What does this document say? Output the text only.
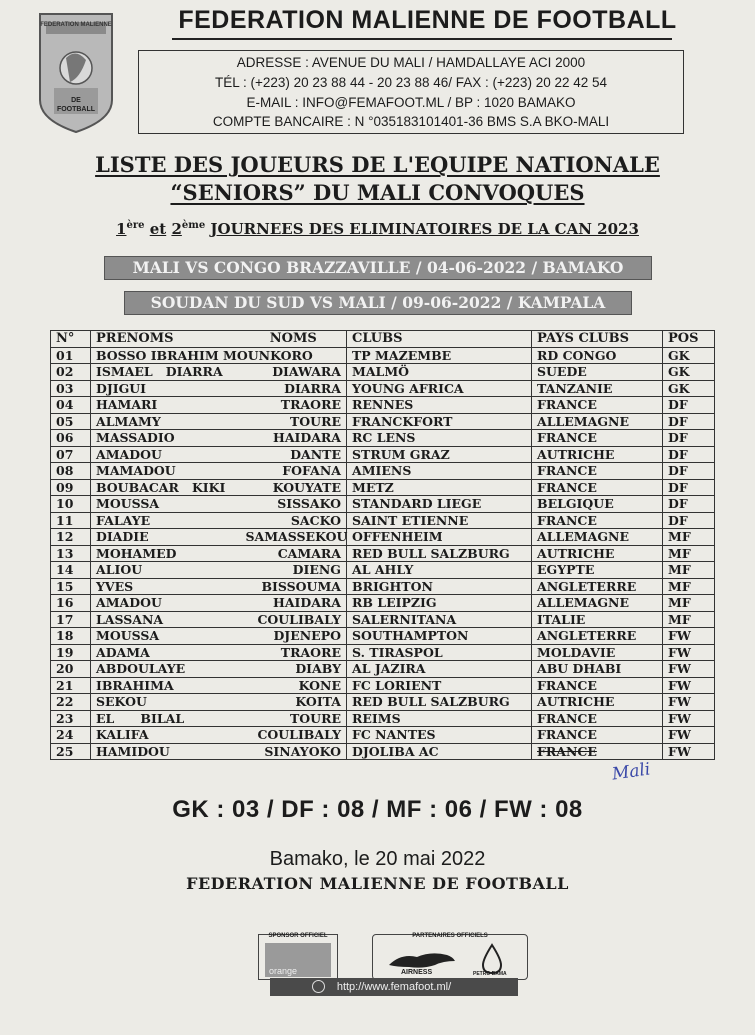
FEDERATION MALIENNE
DE FOOTBALL
FEDERATION MALIENNE DE FOOTBALL
ADRESSE : AVENUE DU MALI / HAMDALLAYE ACI 2000
TÉL : (+223) 20 23 88 44 - 20 23 88 46/ FAX : (+223) 20 22 42 54
E-MAIL : INFO@FEMAFOOT.ML / BP : 1020 BAMAKO
COMPTE BANCAIRE : N °035183101401-36 BMS S.A BKO-MALI
LISTE DES JOUEURS DE L'EQUIPE NATIONALE
“SENIORS” DU MALI CONVOQUES
1ère et 2ème JOURNEES DES ELIMINATOIRES DE LA CAN 2023
MALI VS CONGO BRAZZAVILLE / 04-06-2022 / BAMAKO
SOUDAN DU SUD VS MALI / 09-06-2022 / KAMPALA
N°	PRENOMS	NOMS	CLUBS	PAYS CLUBS	POS
01	BOSSO IBRAHIM MOUNKORO		TP MAZEMBE	RD CONGO	GK
02	ISMAEL   DIARRA	DIAWARA	MALMÖ	SUEDE	GK
03	DJIGUI	DIARRA	YOUNG AFRICA	TANZANIE	GK
04	HAMARI	TRAORE	RENNES	FRANCE	DF
05	ALMAMY	TOURE	FRANCKFORT	ALLEMAGNE	DF
06	MASSADIO	HAIDARA	RC LENS	FRANCE	DF
07	AMADOU	DANTE	STRUM GRAZ	AUTRICHE	DF
08	MAMADOU	FOFANA	AMIENS	FRANCE	DF
09	BOUBACAR   KIKI	KOUYATE	METZ	FRANCE	DF
10	MOUSSA	SISSAKO	STANDARD LIEGE	BELGIQUE	DF
11	FALAYE	SACKO	SAINT ETIENNE	FRANCE	DF
12	DIADIE	SAMASSEKOU	OFFENHEIM	ALLEMAGNE	MF
13	MOHAMED	CAMARA	RED BULL SALZBURG	AUTRICHE	MF
14	ALIOU	DIENG	AL AHLY	EGYPTE	MF
15	YVES	BISSOUMA	BRIGHTON	ANGLETERRE	MF
16	AMADOU	HAIDARA	RB LEIPZIG	ALLEMAGNE	MF
17	LASSANA	COULIBALY	SALERNITANA	ITALIE	MF
18	MOUSSA	DJENEPO	SOUTHAMPTON	ANGLETERRE	FW
19	ADAMA	TRAORE	S. TIRASPOL	MOLDAVIE	FW
20	ABDOULAYE	DIABY	AL JAZIRA	ABU DHABI	FW
21	IBRAHIMA	KONE	FC LORIENT	FRANCE	FW
22	SEKOU	KOITA	RED BULL SALZBURG	AUTRICHE	FW
23	EL      BILAL	TOURE	REIMS	FRANCE	FW
24	KALIFA	COULIBALY	FC NANTES	FRANCE	FW
25	HAMIDOU	SINAYOKO	DJOLIBA AC	FRANCE	FW
Mali
GK : 03 / DF : 08 / MF : 06 / FW : 08
Bamako, le 20 mai 2022
FEDERATION MALIENNE DE FOOTBALL
SPONSOR OFFICIEL
orange
PARTENAIRES OFFICIELS
AIRNESS	PETRO BAMA
http://www.femafoot.ml/
